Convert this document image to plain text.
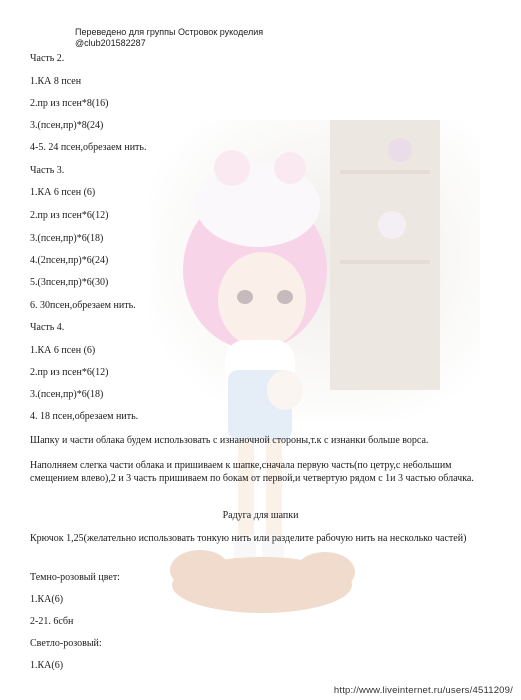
Переведено для группы Островок рукоделия
@club201582287
Часть 2.
1.КА 8 псен
2.пр из псен*8(16)
3.(псен,пр)*8(24)
4-5. 24 псен,обрезаем нить.
Часть 3.
1.КА 6 псен (6)
2.пр из псен*6(12)
3.(псен,пр)*6(18)
4.(2псен,пр)*6(24)
5.(3псен,пр)*6(30)
6. 30псен,обрезаем нить.
Часть 4.
1.КА 6 псен (6)
2.пр из псен*6(12)
3.(псен,пр)*6(18)
4. 18 псен,обрезаем нить.
Шапку и части облака будем использовать с изнаночной стороны,т.к с изнанки больше ворса.
Наполняем слегка части облака и пришиваем к шапке,сначала первую часть(по цетру,с небольшим смещением влево),2 и 3 часть пришиваем по бокам от первой,и четвертую рядом с 1и 3 частью облачка.
Радуга для шапки
Крючок 1,25(желательно использовать тонкую нить или разделите рабочую нить на несколько частей)
Темно-розовый цвет:
1.КА(6)
2-21. 6сбн
Светло-розовый:
1.КА(6)
http://www.liveinternet.ru/users/4511209/
